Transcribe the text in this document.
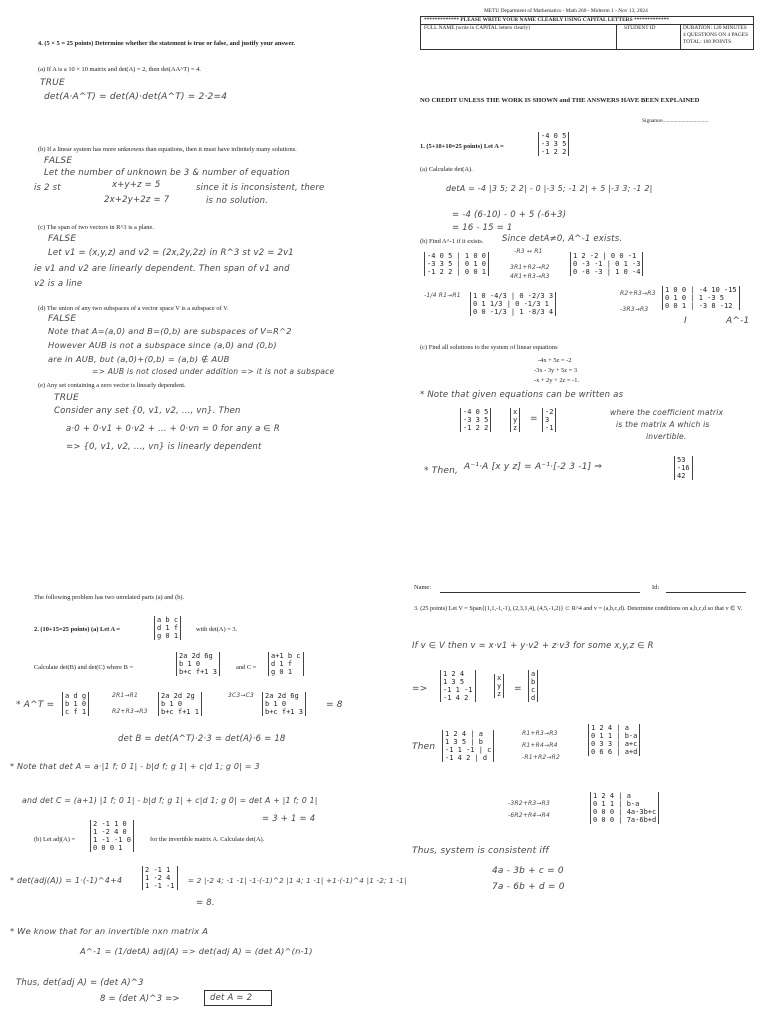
4. (5 × 5 = 25 points) Determine whether the statement is true or false, and justify your answer.
(a) If A is a 10 × 10 matrix and det(A) = 2, then det(AA^T) = 4.
TRUE
det(A·A^T) = det(A)·det(A^T) = 2·2=4
(b) If a linear system has more unknowns than equations, then it must have infinitely many solutions.
FALSE
Let the number of unknown be 3 & number of equation
is 2 st	x+y+z = 5
2x+2y+2z = 7
since it is inconsistent, there
is no solution.
(c) The span of two vectors in R^3 is a plane.
FALSE
Let v1 = (x,y,z) and v2 = (2x,2y,2z) in R^3 st v2 = 2v1
ie v1 and v2 are linearly dependent. Then span of v1 and
v2 is a line
(d) The union of any two subspaces of a vector space V is a subspace of V.
FALSE
Note that A=(a,0) and B=(0,b) are subspaces of V=R^2
However AUB is not a subspace since (a,0) and (0,b)
are in AUB, but (a,0)+(0,b) = (a,b) ∉ AUB
=> AUB is not closed under addition => it is not a subspace
(e) Any set containing a zero vector is linearly dependent.
TRUE
Consider any set {0, v1, v2, ..., vn}. Then
a·0 + 0·v1 + 0·v2 + ... + 0·vn = 0 for any a ∈ R
=> {0, v1, v2, ..., vn} is linearly dependent
METU Department of Mathematics - Math 260 - Midterm 1 - Nov 13, 2024
************* PLEASE WRITE YOUR NAME CLEARLY USING CAPITAL LETTERS *************
FULL NAME (write in CAPITAL letters clearly)	STUDENT ID	DURATION: 120 MINUTES
4 QUESTIONS ON 4 PAGES
TOTAL: 100 POINTS
NO CREDIT UNLESS THE WORK IS SHOWN and THE ANSWERS HAVE BEEN EXPLAINED
Signature..................................
1. (5+10+10=25 points) Let A =
-4 0 5
-3 3 5
-1 2 2
(a) Calculate det(A).
detA = -4 |3 5; 2 2| - 0 |-3 5; -1 2| + 5 |-3 3; -1 2|
= -4 (6-10) - 0 + 5 (-6+3)
= 16 - 15 = 1
(b) Find A^-1 if it exists. Since detA≠0, A^-1 exists.
-4 0 5 | 1 0 0
-3 3 5 | 0 1 0
-1 2 2 | 0 0 1
-R3 ↔ R1
3R1+R2→R2
4R1+R3→R3
1 2 -2 | 0 0 -1
0 -3 -1 | 0 1 -3
0 -8 -3 | 1 0 -4
1 0 -4/3 | 0 -2/3 3
0 1 1/3 | 0 -1/3 1
0 0 -1/3 | 1 -8/3 4
-1/4 R1→R1	R2+R3→R3
-3R3→R3
1 0 0 | -4 10 -15
0 1 0 | 1 -3 5
0 0 1 | -3 8 -12
I	A^-1
(c) Find all solutions to the system of linear equations
-4x + 5z = -2
-3x - 3y + 5z = 3
-x + 2y + 2z = -1.
* Note that given equations can be written as
-4 0 5
-3 3 5
-1 2 2
x
y
z
=
-2
3
-1
where the coefficient matrix
is the matrix A which is
invertible.
* Then, A⁻¹·A [x y z] = A⁻¹·[-2 3 -1] ⇒
53
-16
42
The following problem has two unrelated parts (a) and (b).
2. (10+15=25 points) (a) Let A =
a b c
d 1 f
g 0 1
with det(A) = 3.
Calculate det(B) and det(C) where B =
2a 2d 6g
b 1 0
b+c f+1 3
and C =
a+1 b c
d 1 f
g 0 1
* A^T =
a d g
b 1 0
c f 1
2R1→R1
R2+R3→R3
2a 2d 2g
b 1 0
b+c f+1 1
3C3→C3	2a 2d 6g
b 1 0
b+c f+1 3
= 8
det B = det(A^T)·2·3 = det(A)·6 = 18
* Note that det A = a·|1 f; 0 1| - b|d f; g 1| + c|d 1; g 0| = 3
and det C = (a+1) |1 f; 0 1| - b|d f; g 1| + c|d 1; g 0| = det A + |1 f; 0 1|
= 3 + 1 = 4
(b) Let adj(A) =
2 -1 1 0
1 -2 4 0
1 -1 -1 0
0 0 0 1
for the invertible matrix A. Calculate det(A).
* det(adj(A)) = 1·(-1)^4+4
2 -1 1
1 -2 4
1 -1 -1
= 2 |-2 4; -1 -1| -1·(-1)^2 |1 4; 1 -1| +1·(-1)^4 |1 -2; 1 -1|
= 8.
* We know that for an invertible nxn matrix A
A^-1 = (1/detA) adj(A) => det(adj A) = (det A)^(n-1)
Thus, det(adj A) = (det A)^3
8 = (det A)^3 =>	det A = 2
Name:	Id:
3. (25 points) Let V = Span{(1,1,-1,-1), (2,3,1,4), (4,5,-1,2)} ⊂ R^4 and v = (a,b,c,d). Determine conditions on a,b,c,d so that v ∈ V.
If v ∈ V then v = x·v1 + y·v2 + z·v3 for some x,y,z ∈ R
=>
1 2 4
1 3 5
-1 1 -1
-1 4 2
x
y
z	=
a
b
c
d
Then
1 2 4 | a
1 3 5 | b
-1 1 -1 | c
-1 4 2 | d
R1+R3→R3
R1+R4→R4
-R1+R2→R2
1 2 4 | a
0 1 1 | b-a
0 3 3 | a+c
0 6 6 | a+d
-3R2+R3→R3
-6R2+R4→R4
1 2 4 | a
0 1 1 | b-a
0 0 0 | 4a-3b+c
0 0 0 | 7a-6b+d
Thus, system is consistent iff
4a - 3b + c = 0
7a - 6b + d = 0
